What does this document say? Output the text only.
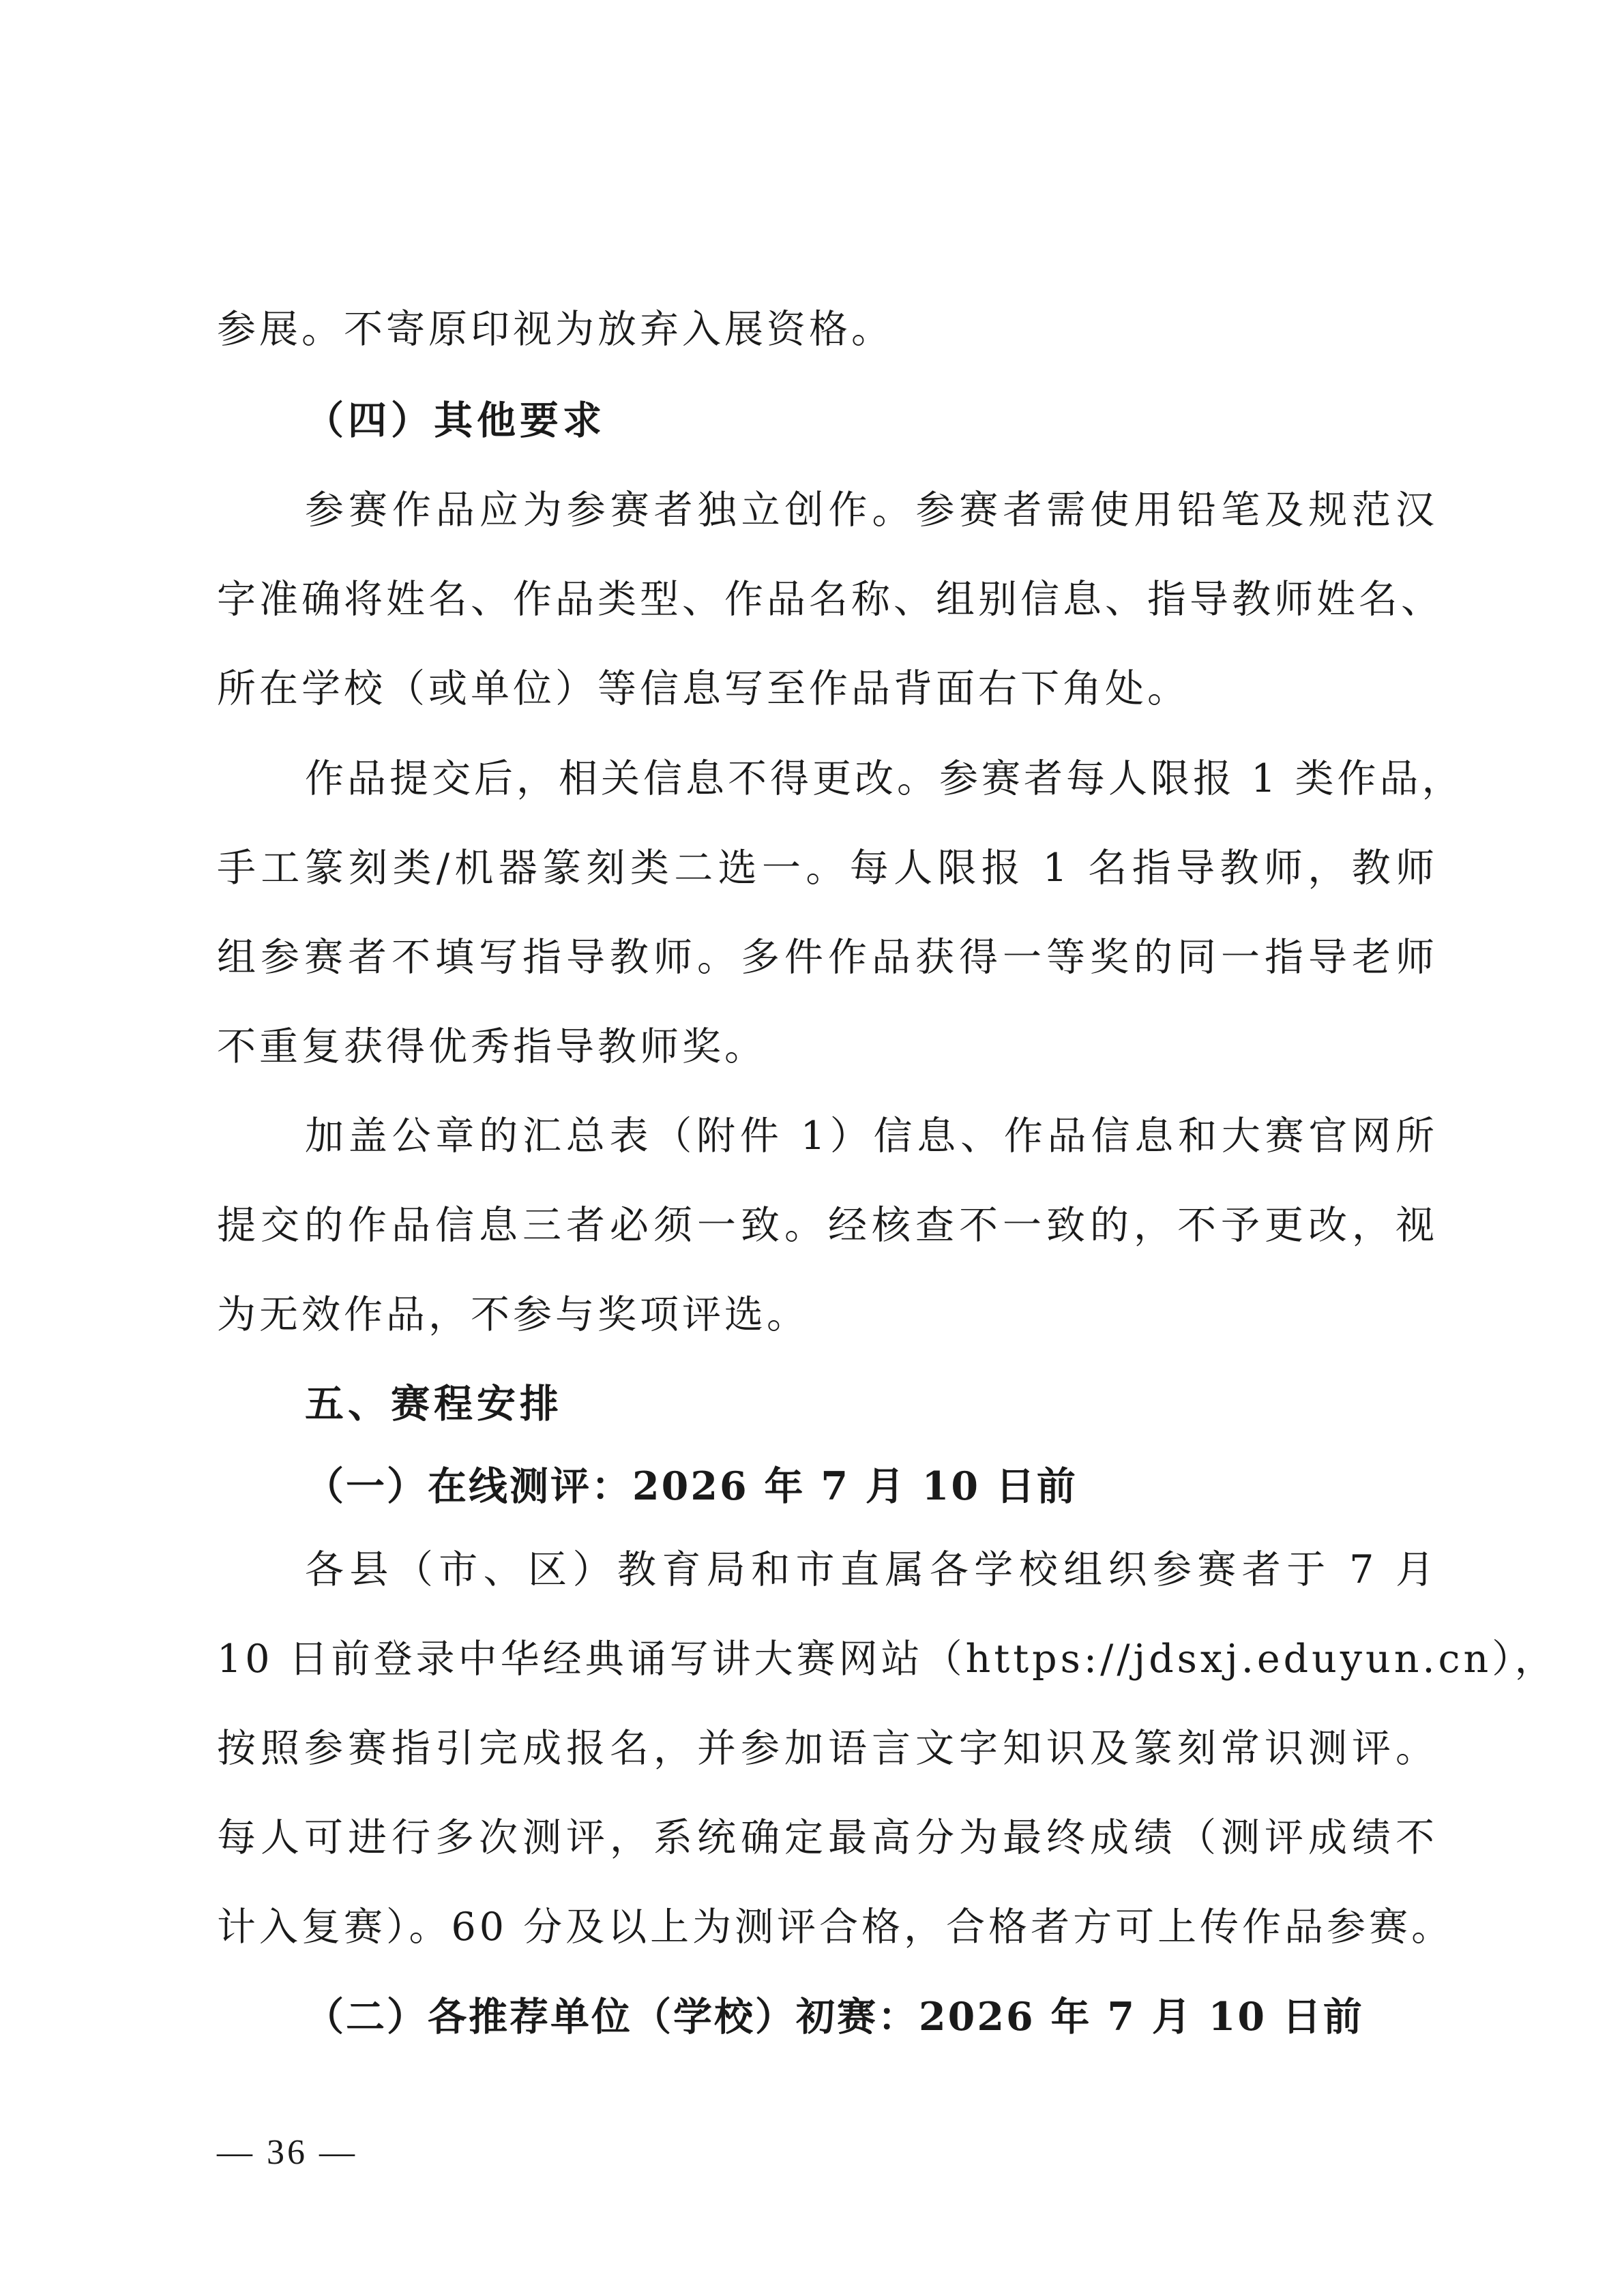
参展。不寄原印视为放弃入展资格。
（四）其他要求
参赛作品应为参赛者独立创作。参赛者需使用铅笔及规范汉
字准确将姓名、作品类型、作品名称、组别信息、指导教师姓名、
所在学校（或单位）等信息写至作品背面右下角处。
作品提交后，相关信息不得更改。参赛者每人限报 1 类作品，
手工篆刻类/机器篆刻类二选一。每人限报 1 名指导教师，教师
组参赛者不填写指导教师。多件作品获得一等奖的同一指导老师
不重复获得优秀指导教师奖。
加盖公章的汇总表（附件 1）信息、作品信息和大赛官网所
提交的作品信息三者必须一致。经核查不一致的，不予更改，视
为无效作品，不参与奖项评选。
五、赛程安排
（一）在线测评：2026 年 7 月 10 日前
各县（市、区）教育局和市直属各学校组织参赛者于 7 月
10 日前登录中华经典诵写讲大赛网站（https://jdsxj.eduyun.cn），
按照参赛指引完成报名，并参加语言文字知识及篆刻常识测评。
每人可进行多次测评，系统确定最高分为最终成绩（测评成绩不
计入复赛）。60 分及以上为测评合格，合格者方可上传作品参赛。
（二）各推荐单位（学校）初赛：2026 年 7 月 10 日前
— 36 —
